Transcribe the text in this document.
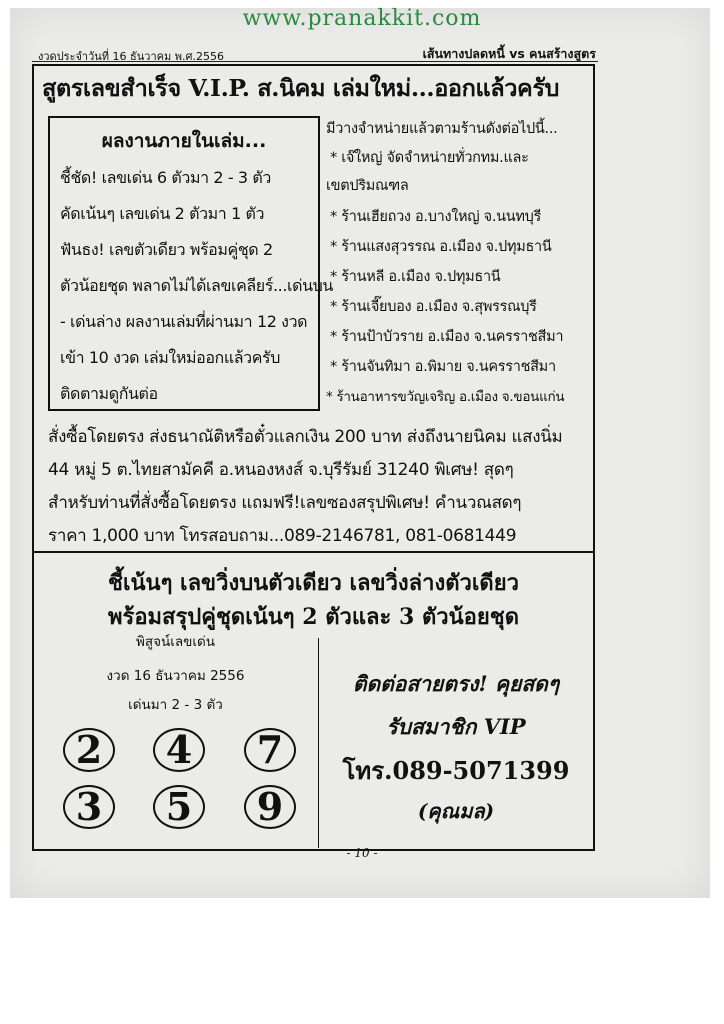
www.pranakkit.com
งวดประจำวันที่ 16 ธันวาคม พ.ศ.2556	เส้นทางปลดหนี้ vs คนสร้างสูตร
สูตรเลขสำเร็จ V.I.P. ส.นิคม เล่มใหม่...ออกแล้วครับ
ผลงานภายในเล่ม...
ชี้ชัด! เลขเด่น 6 ตัวมา 2 - 3 ตัว
คัดเน้นๆ เลขเด่น 2 ตัวมา 1 ตัว
ฟันธง! เลขตัวเดียว พร้อมคู่ชุด 2
ตัวน้อยชุด พลาดไม่ได้เลขเคลียร์...เด่นบน
- เด่นล่าง ผลงานเล่มที่ผ่านมา 12 งวด
เข้า 10 งวด เล่มใหม่ออกแล้วครับ
ติดตามดูกันต่อ
มีวางจำหน่ายแล้วตามร้านดังต่อไปนี้...
* เจ๊ใหญ่ จัดจำหน่ายทั่วกทม.และ
เขตปริมณฑล
* ร้านเฮียถวง อ.บางใหญ่ จ.นนทบุรี
* ร้านแสงสุวรรณ อ.เมือง จ.ปทุมธานี
* ร้านหลี อ.เมือง จ.ปทุมธานี
* ร้านเจี๊ยบอง อ.เมือง จ.สุพรรณบุรี
* ร้านป้าบัวราย อ.เมือง จ.นครราชสีมา
* ร้านจันทิมา อ.พิมาย จ.นครราชสีมา
* ร้านอาหารขวัญเจริญ อ.เมือง จ.ขอนแก่น
สั่งซื้อโดยตรง ส่งธนาณัติหรือตั๋วแลกเงิน 200 บาท ส่งถึงนายนิคม แสงนิ่ม
44 หมู่ 5 ต.ไทยสามัคคี อ.หนองหงส์ จ.บุรีรัมย์ 31240 พิเศษ! สุดๆ
สำหรับท่านที่สั่งซื้อโดยตรง แถมฟรี!เลขซองสรุปพิเศษ! คำนวณสดๆ
ราคา 1,000 บาท โทรสอบถาม...089-2146781, 081-0681449
ชี้เน้นๆ เลขวิ่งบนตัวเดียว เลขวิ่งล่างตัวเดียว
พร้อมสรุปคู่ชุดเน้นๆ 2 ตัวและ 3 ตัวน้อยชุด
พิสูจน์เลขเด่น
งวด 16 ธันวาคม 2556
เด่นมา 2 - 3 ตัว
2	4	7
3	5	9
ติดต่อสายตรง! คุยสดๆ
รับสมาชิก VIP
โทร.089-5071399
(คุณมล)
- 10 -
